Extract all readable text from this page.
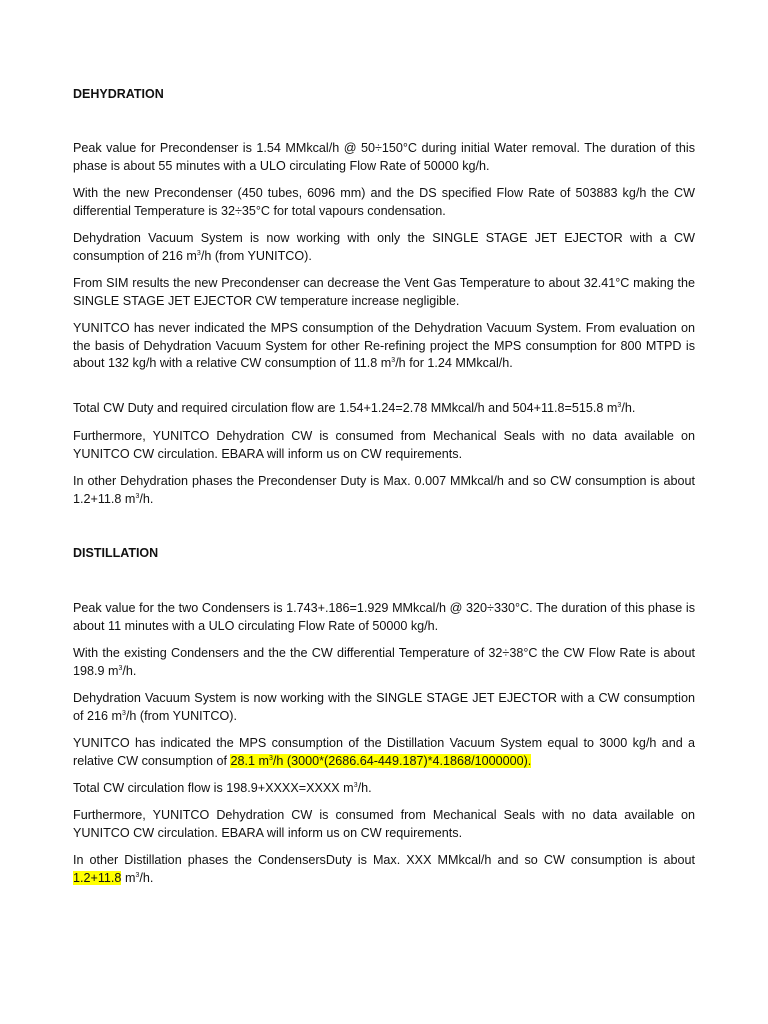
DEHYDRATION

Peak value for Precondenser is 1.54 MMkcal/h @ 50÷150°C during initial Water removal. The duration of this phase is about 55 minutes with a ULO circulating Flow Rate of 50000 kg/h.

With the new Precondenser (450 tubes, 6096 mm) and the DS specified Flow Rate of 503883 kg/h the CW differential Temperature is 32÷35°C for total vapours condensation.

Dehydration Vacuum System is now working with only the SINGLE STAGE JET EJECTOR with a CW consumption of 216 $m^3/h$ (from YUNITCO).

From SIM results the new Precondenser can decrease the Vent Gas Temperature to about 32.41°C making the SINGLE STAGE JET EJECTOR CW temperature increase negligible.

YUNITCO has never indicated the MPS consumption of the Dehydration Vacuum System. From evaluation on the basis of Dehydration Vacuum System for other Re-refining project the MPS consumption for 800 MTPD is about 132 kg/h with a relative CW consumption of 11.8 $m^3/h$ for 1.24 MMkcal/h.

Total CW Duty and required circulation flow are 1.54+1.24=2.78 MMkcal/h and 504+11.8=515.8 $m^3/h$.

Furthermore, YUNITCO Dehydration CW is consumed from Mechanical Seals with no data available on YUNITCO CW circulation. EBARA will inform us on CW requirements.

In other Dehydration phases the Precondenser Duty is Max. 0.007 MMkcal/h and so CW consumption is about 1.2+11.8 $m^3/h$.

DISTILLATION

Peak value for the two Condensers is 1.743+.186=1.929 MMkcal/h @ 320÷330°C. The duration of this phase is about 11 minutes with a ULO circulating Flow Rate of 50000 kg/h.

With the existing Condensers and the the CW differential Temperature of 32÷38°C the CW Flow Rate is about 198.9 $m^3/h$.

Dehydration Vacuum System is now working with the SINGLE STAGE JET EJECTOR with a CW consumption of 216 $m^3/h$ (from YUNITCO).

YUNITCO has indicated the MPS consumption of the Distillation Vacuum System equal to 3000 kg/h and a relative CW consumption of 28.1 $m^3/h$ (3000*(2686.64-449.187)*4.1868/1000000).

Total CW circulation flow is 198.9+XXXX=XXXX $m^3/h$.

Furthermore, YUNITCO Dehydration CW is consumed from Mechanical Seals with no data available on YUNITCO CW circulation. EBARA will inform us on CW requirements.

In other Distillation phases the CondensersDuty is Max. XXX MMkcal/h and so CW consumption is about 1.2+11.8 $m^3/h$.
